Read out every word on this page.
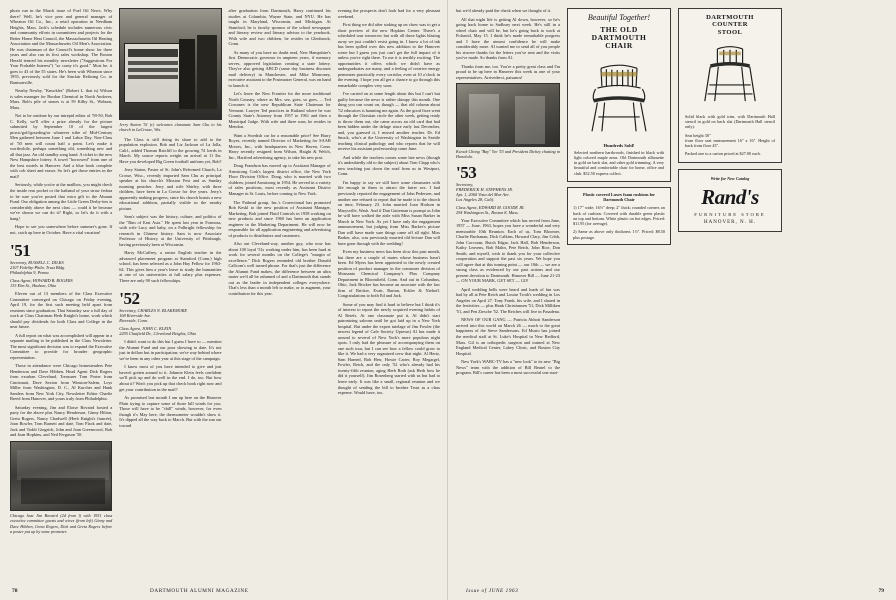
photo run in the March issue of Fuel Oil News. Why there? Well, he's vice prez and general manager of Wheaton Oil Co., Inc., a retail operation in Needham Heights, Mass. Jack's schedule includes numerous civic and community efforts in committees and projects for the Better Home Heat Council, the Massachusetts Oil Heating Association and the Massachusetts Oil Men's Association. He was chairman of the Council's home show for three years and also ran its first sales workshop. The Boston Herald termed his monthly newsletter ("Suggestions For Your Probable Interest") "so corny it's good." Most be, it goes to 43 of the 55 states. He's been with Wheaton since 1955, previously sold for the Sinclair Refining Co. in Bantsonville.

Nearby Newby, "Knuckles" (Robert L. that is) Wilson is sales manager for Bordon Chemical in North Andover, Mass. Bob's pile of stones is at 59 Kilby St., Woburn, Mass.

Not to be outdone by our intrepid editor of '59-50, Bob C. Kelly, we'll offer a prize already for the picture submitted by September 10 of the largest picnic/golf/gourding/or whatever tribe of Mid-Century Men gathered between June 1 and Labor Day. Non-Class of '50 men will count half a point. Let's make it worthwhile, perhaps something old, something new and all that jazz. An old standby song hand. A ticket to the new New Hampshire lottery. A towel "borrowed" from one of the best motels in Hanover. And a blue book complete with cob sheet and eraser. So let's get those entries in the mail!

Seriously, while you're at the mailbox, you might check the inside rear pocket or the hatband of your straw fedora to be sure you've posted that extra gift to the Alumni Fund. Our obligation among the Little Green Derby-ites is considerably above the next class — could it be because we've shown we can do it? Right, so let's do it with a bang!

Hope to see you somewhere before summer's gone. If not, catch up here in October. Have a vital vacation!

'51
Secretary, RUSSELL C. DILKS
2107 Fidelity-Phila. Trust Bldg.
Philadelphia 9, Penna.
Class Agent, HOWARD B. ROGERS
133 Elm St., Hudson, Ohio

Eleven out of 13 members of the Class Executive Committee converged on Chicago on Friday evening, April 19, for the first such meeting held apart from reunions since graduation. That Saturday saw a full day of work at Class Chairman Herb Knight's home, work which should pay dividends for both Class and College in the near future.

A full report on what was accomplished will appear in a separate mailing to be published in the Class Newsletter. The most significant decision was to expand the Executive Committee to provide for broader geographic representation.

Those in attendance were Chicago homesteaders Pete Henderson and Dave Hibben, Head Agent Dick Rogers from exurban Cleveland, Treasurer Tom Porter from Cincinnati, Dave Sexton from Winston-Salem, Loys Miller from Washington, D. C., Al Kurcher and Hank Sanders from New York City, Newsletter Editor Charlie Breed from Hanover, and yours truly from Philadelphia.

Saturday evening, Jim and Eloise Bovaird hosted a party for the above plus Nancy Henderson, Ginny Hilton, Greta Rogers, Nancy Chadwell (Herb Knight's fiancée), Joan Bowler, Tom Barnett and date, Tom Flack and date, Jack and Toddi Gingrich, John and Joan Greenwood, Bob and Joan Hopkins, and Ned Ferguson '50.

Chicago host Jim Bovaird (2d from l) with 1951 class executive committee guests and wives (from left) Ginny and Dave Hibben, Greta Rogers, Dick and Greta Rogers before a poster put up by some promoter.
Jerry Staton '51 (r) welcomes classmate Sam Chu to his church in LaCrosse, Wis.

The Class is still doing its share to add to the population explosion. Bob and Liz Jackson of La Jolla, Calif., added Thomas Ratcliff to the growing '51 herds in March. My source reports weight on arrival at 11 lbs. Have you developed Big Green football uniform yet, Bob?

Jerry Staton, Pastor of St. John's Reformed Church, La Crosse, Wisc., recently imported Sam Chu as principal speaker at his church's Mission Fest and as Sunday morning preacher. Jerry and wife Shirley, with three children, have been in La Crosse for five years. Jerry's apparently making progress, since his church boasts a new educational addition, partially visible in the nearby picture.

Sam's subject was the history, culture, and politics of the "Rim of East Asia." He spent last year in Formosa, with wife Lucy and baby, on a Fulbright fellowship for research in Chinese history. Sam is now Associate Professor of History at the University of Pittsburgh, having previously been at Wisconsin.

Harry McCaffrey, a senior English teacher in the advanced placement program at Stamford (Conn.) high school, has been selected as a John Hay Fellow for 1963-64. This gives him a year's leave to study the humanities at one of six universities at full salary plus expenses. There are only 90 such fellowships.

'52
Secretary, CHARLES N. BLAKEMORE
168 Riverside Ave.
Riverside, Conn.
Class Agent, JOHN C. KLEIN
2295 Chatfield Dr., Cleveland Heights, Ohio

I didn't want to do this but I guess I have to — mention the Alumni Fund and our poor showing to date. It's not just in dollars but in participation; we're way behind where we've been in any other year at this stage of the campaign.

I know most of you have intended to give and just haven't gotten around to it. Johnnie Klein feels confident we'll pick up and do well in the end. I do, too. But how about it? Won't you pick up that check book right now and get your contribution in the mail?

As promised last month I am up here on the Hanover Plain trying to capture some of those hill winds for you. Those will have to be "chill" winds, however, for even though it's May here, the thermometer wouldn't show it. It's dipped all the way back to March. But with the sun out toward

after graduation from Dartmouth, Harry continued his studies at Columbia, Wayne State, and NYU. He has taught in Maryland, Wisconsin, and Michigan. At Stamford, he is faculty sponsor of the school newspaper and literary review and literary advisor to the yearbook. With wife and two children, he resides in Glenbrook, Conn.

As many of you have no doubt read, New Hampshire's first Democratic governor in umpteen years, if memory serves, approved legislation creating a state lottery. They're also getting ABCD (same day business discount mail delivery) in Manchester, and Mike Monroney, executive assistant to the Postmaster General, was on hand to launch it.

Let's leave the New Frontier for the more traditional North Country, where as Mrs. sez, goes, so goes, ... Ted Corsones is the new Republican State Chairman for Vermont. Lawyer Ted practices in Rutland where he was County State's Attorney from 1957 to 1961 and then a Municipal Judge. With wife and three sons, he resides in Mendon.

Want a Swedish car for a reasonable price? See Harry Boyes, recently named Director of Marketing for SAAB Motors, Inc., with headquarters in New Haven, Conn. Harry recently resigned from Wilson, Haight & Welch, Inc., Hartford advertising agency, to take his new post.

Doug Frandson has moved up to Assistant Manager of Armstrong Cork's largest district office, the New York Floor Division Office. Doug, who is married with two children, joined Armstrong in 1954. He served in a variety of sales positions, most recently as Assistant District Manager in St. Louis, before coming to New York.

The Pathead group, Inc.'s Correctional has promoted Bob Keskl to the new position of Assistant Manager, Marketing. Bob joined Fluid Controls in 1958 working on new products and since 1960 has been an application engineer in the Marketing Department. He will now be responsible for all application engineering and advertising of products to distributors and customers.

Also out Cleveland-way, another guy, who now has about 100 loyal '51s working under him, has been hard at work for several months on the College's "margin of excellence." Dick Rogers reminded old brother Donald Callcom's well turned phrase. For that's just the difference the Alumni Fund makes, the difference between an ultra mater we'd all be ashamed of and a Dartmouth that stands out as the leader in independent colleges everywhere. That's less than a month left to make, or to augment, your contribution for this year.

evening the prospects don't look bad for a very pleasant weekend.

First thing we did after stoking up on chow was to get a short preview of the new Hopkins Center. There's a scheduled tour tomorrow but with all those lights blazing away we just couldn't resist going in. I know a lot of ink has been spilled over this new addition to the Hanover scene but I guess you just can't get the full impact of it unless you're right there. To me it is terribly exciting. The opportunities it offers which we didn't have as undergraduates are many, and a feeling of creative energy permeates practically every corridor, even at 10 o'clock in the evening. I hope you all get a chance to go through this remarkable complex very soon.

I've carried on at some length about this but I can't but guilty because the news is rather skimpy this month. One thing you can count on, though — that old column about '52 educators is haunting me again. As the good fixes went through the Christian circle the other week, getting ready to throw them out, she came across an old card that had been hidden under the deluge since early last December, and, you guessed it, I missed another teacher. Dr. Ed Snuck, who's at the University of Washington in Seattle teaching clinical pathology and who reports that he will receive his assistant professorship come June.

And while the teachers comes some late news (though it's undoubtedly old to the subject) about Tom Clapp who's now teaching just down the road from us in Westport, Conn.

I'm happy to say we still have some classmates with life enough in them to attract the fairer sex. I had previously reported the engagement of John Pedersen, and another one refused to report that he made it to the church on time, February 23. John married Joan Hodson in Marysville, Wash. And if Dan Gutteman is prompt as John he will have walked the aisle with Miss Susan Barker in March in New York. As yet I have only the engagement announcement, but judging from Miss Barker's picture Dan will have made sure things came off all right. Miss Barker, also, was previously married old lecture Dan will have gone through with the wedding!

Even my business news has been slow this past month, but there are a couple of mates whose business hasn't been. Ed Myers has been appointed to the newly created position of product manager in the consumer division of Monsanto Chemical Company's Plax Company Department in Bloomfield, Conn. And out in Columbus, Ohio, Jack Bricker has become an associate with the law firm of Bricker, Evatt, Barton, Eckler & Niehoff. Congratulations to both Ed and Jack.

Some of you may find it hard to believe but I think it's of interest to report the newly acquired evening habits of Al Reiefs. At one classmate put it, Al didn't start patronizing saloons until he got laid up in a New York hospital. But under the expert tutelage of Jim Fowler (the newest legend of Cafe Society Uptown) Al has made it around to several of New York's more populous night spots. I only had the pleasure of accompanying them on one such tour, but I can see how a fellow could grow to like it. We had a very organized crew that night. Al Hertz, Sam Harned, Bob Herr, Howie Carter, Roy Megargel, Fowler, Reich, and the only '52 who's already had his twenty-fifth reunion, aging Herb Roth (ask Herb how he did it yourself). Jim Rosenberg started with us but had to leave early. It was like a small, regional reunion and we thought of sending the bill to brother Trust as a class expense. Would have, too,

78	DARTMOUTH ALUMNI MAGAZINE

but we'd already paid the check when we thought of it.

All that night life is getting Al down, however, so he's going back home to Sudbury next week. He's still in a wheel chair and will be, but he's going back to work at Polaroid, May 15. I think he's made remarkable progress and I have the utmost confidence he will make considerably more. Al wanted me to send all of you people his sincere thanks for the letters you've sent and the visits you've made. So thanks from Al.

Thanks from me, too. You're a pretty great class and I'm proud to be up here in Hanover this week as one of your representatives. Arrivederci, paisanos!

Kwock Chong "Bay" Yee '53 and President Dickey chatting in Honolulu.
'53
Secretary,
FREDERICK H. STEPHENS JR.
Apt. 1, 2060 Vista del Mar Ave.
Los Angeles 28, Calif.
Class Agent, EDWARD M. GOODE JR.
294 Washington St., Boston 8, Mass.

Your Executive Committee which has served from June, 1957 — June, 1963, hopes you have a wonderful and very memorable 10th Reunion. Each of us, Tom Bloomer, Charlie Buchanan, Dick Calkins, Howard Clary, Jim Cobb, John Corcoran, Butch Edgar, Jack Hall, Bob Henderson, Kathy Leavens, Bob Malin, Pete Reich, John Rice, Don Smith, and myself, wish to thank you for your collective cooperation and support the past six years. We hope you will agree that at this turning point — our 10th — we are a strong class as evidenced by our past actions and our present devotion to Dartmouth. Hanover Bill — June 21-23 — ON YOUR MARK, GET SET — GO!

April wedding bells were heard and loads of fun was had by all at Pete Reich and Louise Troth's wedding in Los Angeles on April 27. Tony Frank, his wife, and I shared in the festivities — plus Hank Christiansen '51, Dick Milliken '51, and Pen Ziesche '52. The Reiches will live in Pasadena.

NEWS OF OUR GANG — Patricia Abbott Sanderson arrived into this world on March 26 — much to the great happiness of the Steve Sandersons. Ed Musto has joined the medical staff at St. Luke's Hospital in New Bedford, Mass. Gil is an orthopedic surgeon and trained at New England Medical Center, Lahey Clinic, and Boston City Hospital.

New York's WABC-TV has a "new look" to its new "Big News" team with the addition of Bill Beutel to the program. Bill's career has been a most successful one start-

Beautiful Together!
THE OLD
DARTMOUTH
CHAIR
Hundreds Sold!
Selected northern hardwoods, finished in black with light colored maple arms. Old Dartmouth silhouette in gold on back slat, and other gold trimming. A very beautiful and comfortable chair for home, office and club. $52.50 express collect.
Plastic covered Luxex foam cushions for Dartmouth Chair
1) 17" wide; 16½" deep; 2" thick; rounded corners on back of cushion. Covered with durable green plastic on top and bottom. White plastic on bot edges. Priced: $11.95 (for average).
2) Same as above only thickness 1½". Priced: $8.50 plus postage.
DARTMOUTH
COUNTER
STOOL
Solid black with gold trim, with Dartmouth Hall stencil in gold on back slat (Dartmouth Hall stencil only).
Seat height 30"
from floor seat measurement 16" x 16". Height of back from floor 43".
Packed one to a carton priced at $27.00 each.
Write for New Catalog
Rand's
FURNITURE STORE
HANOVER, N. H.
79
Issue of JUNE 1963
